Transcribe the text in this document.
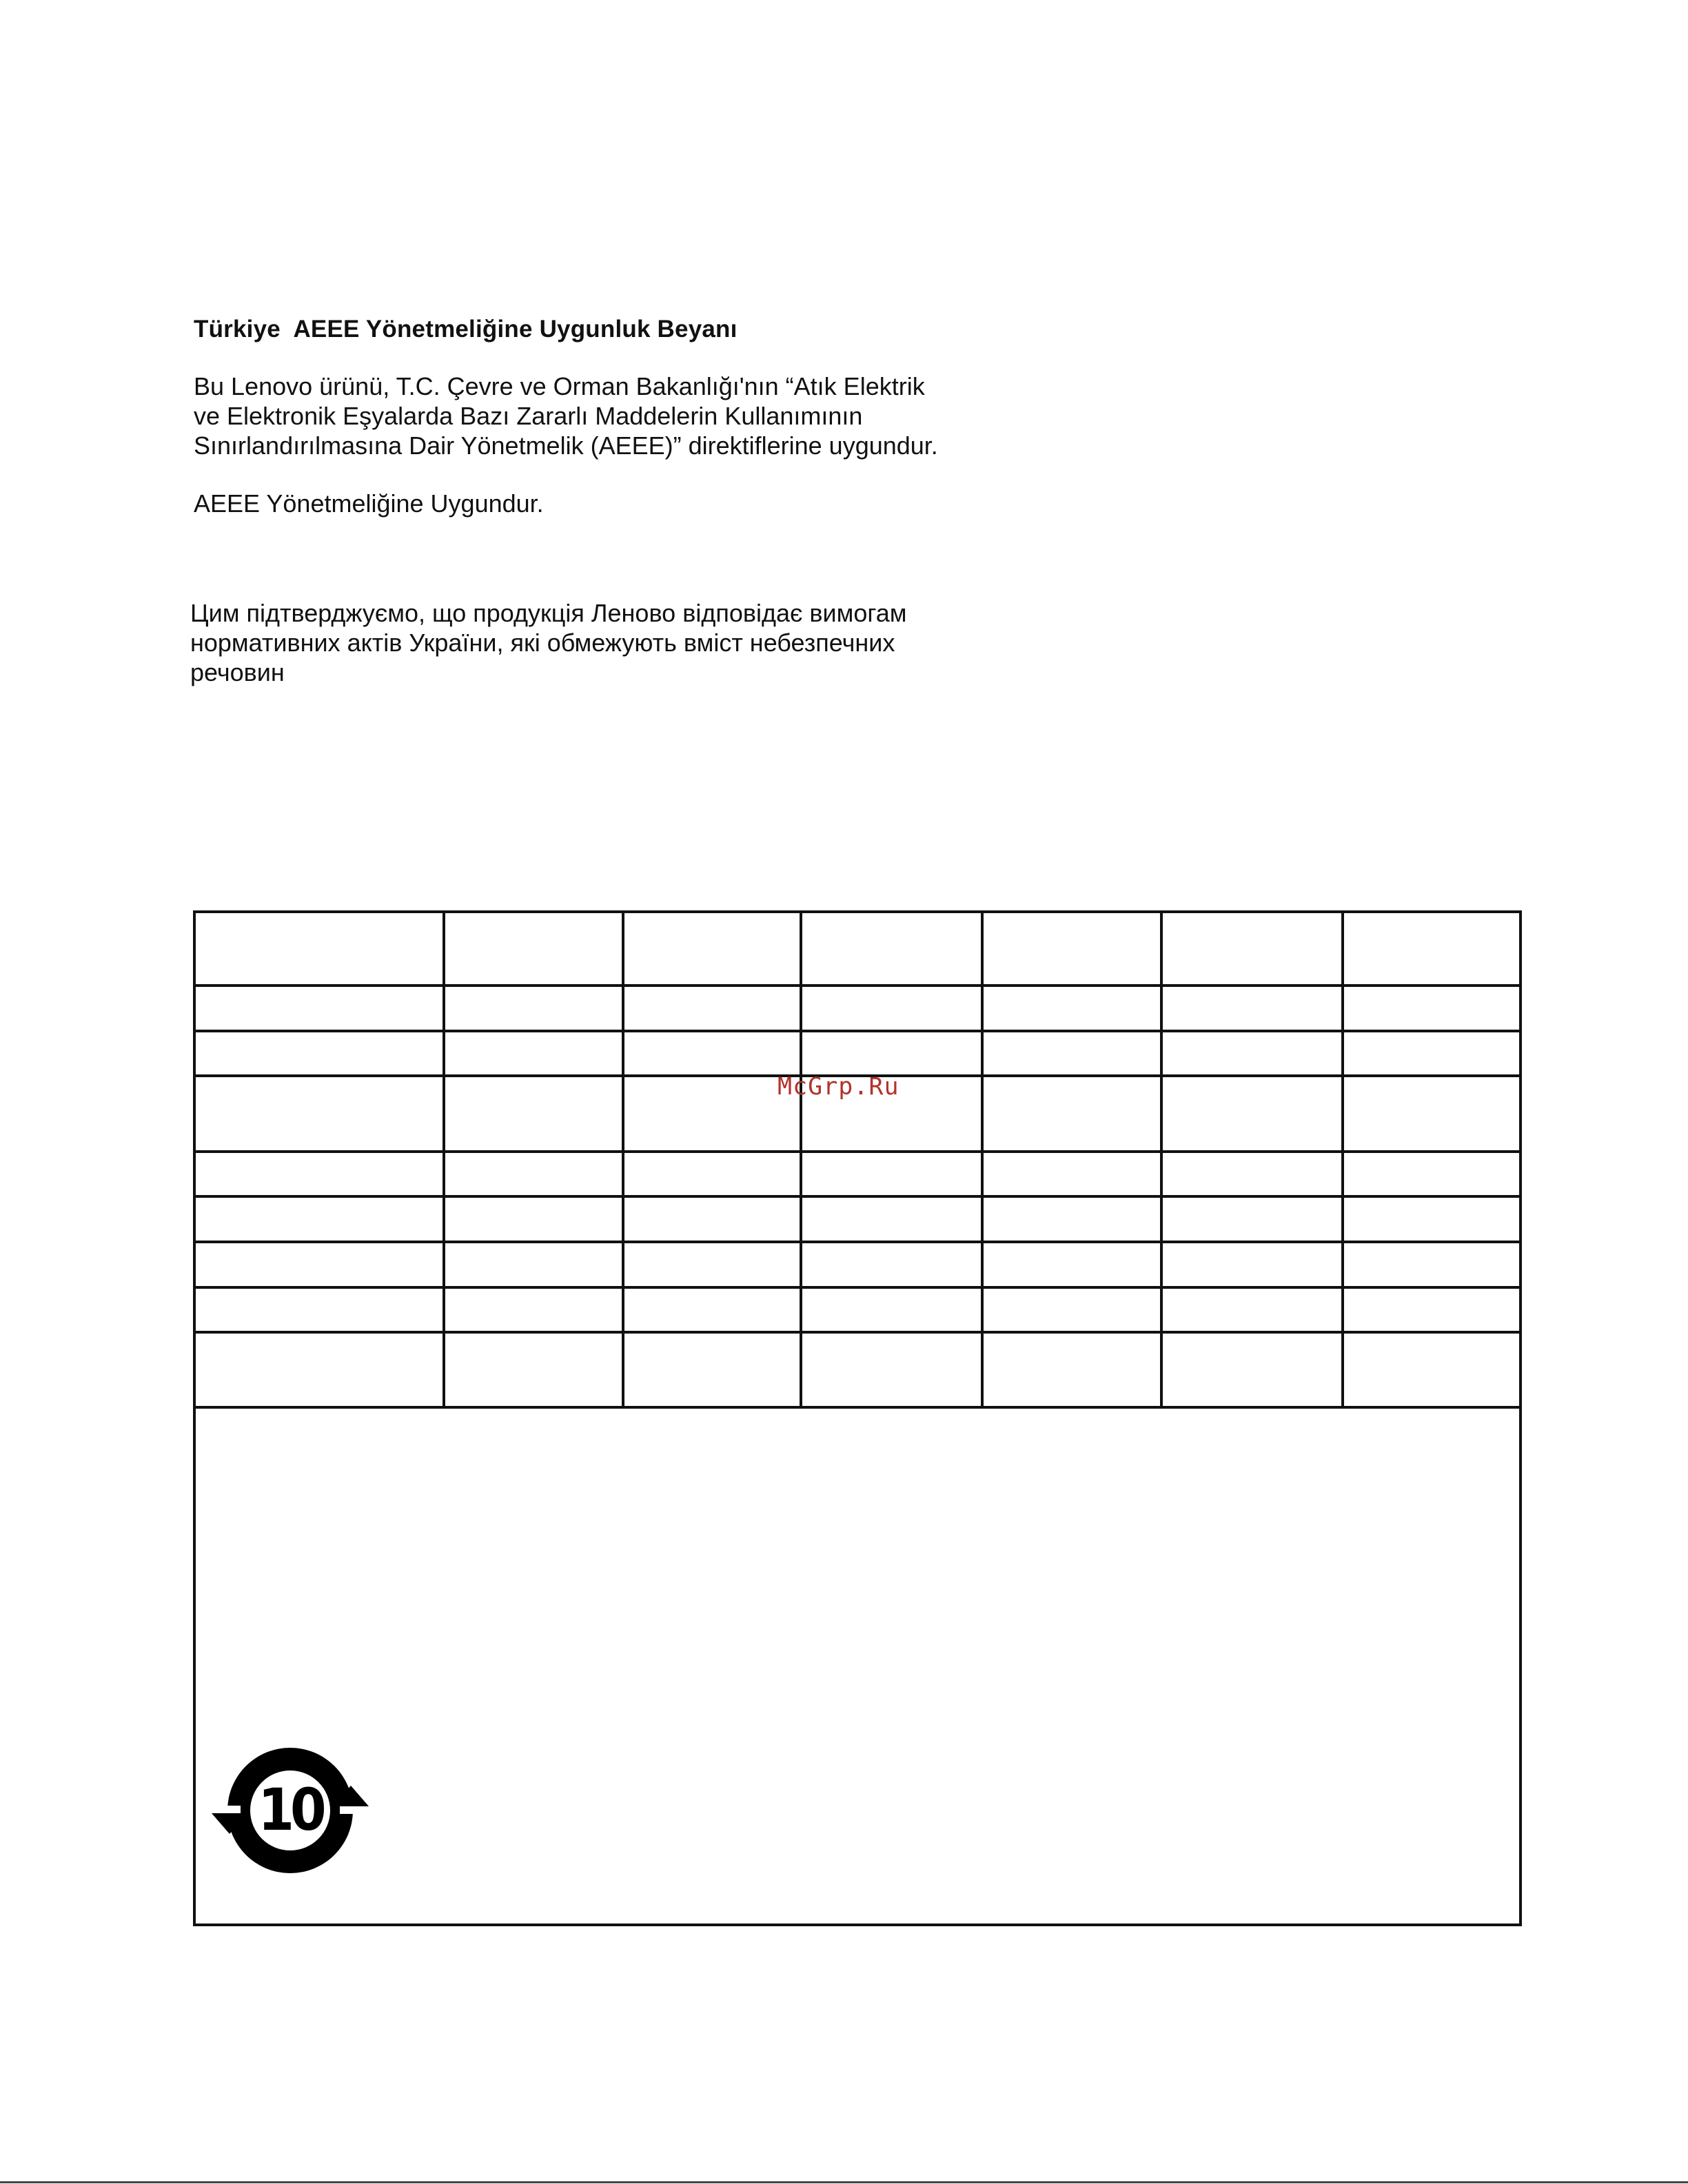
Türkiye  AEEE Yönetmeliğine Uygunluk Beyanı
Bu Lenovo ürünü, T.C. Çevre ve Orman Bakanlığı'nın “Atık Elektrik
ve Elektronik Eşyalarda Bazı Zararlı Maddelerin Kullanımının
Sınırlandırılmasına Dair Yönetmelik (AEEE)” direktiflerine uygundur.
AEEE Yönetmeliğine Uygundur.
Цим підтверджуємо, що продукція Леново відповідає вимогам
нормативних актів України, які обмежують вміст небезпечних
речовин
McGrp.Ru
10
